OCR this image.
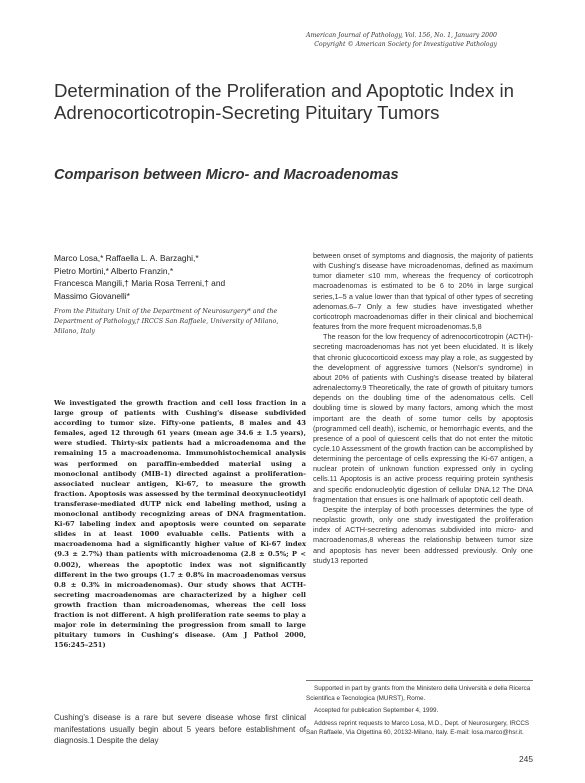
American Journal of Pathology, Vol. 156, No. 1, January 2000
Copyright © American Society for Investigative Pathology
Determination of the Proliferation and Apoptotic Index in Adrenocorticotropin-Secreting Pituitary Tumors
Comparison between Micro- and Macroadenomas
Marco Losa,* Raffaella L. A. Barzaghi,*
Pietro Mortini,* Alberto Franzin,*
Francesca Mangili,† Maria Rosa Terreni,† and
Massimo Giovanelli*
From the Pituitary Unit of the Department of Neurosurgery* and the Department of Pathology,† IRCCS San Raffaele, University of Milano, Milano, Italy

We investigated the growth fraction and cell loss fraction in a large group of patients with Cushing's disease subdivided according to tumor size. Fifty-one patients, 8 males and 43 females, aged 12 through 61 years (mean age 34.6 ± 1.5 years), were studied. Thirty-six patients had a microadenoma and the remaining 15 a macroadenoma. Immunohistochemical analysis was performed on paraffin-embedded material using a monoclonal antibody (MIB-1) directed against a proliferation-associated nuclear antigen, Ki-67, to measure the growth fraction. Apoptosis was assessed by the terminal deoxynucleotidyl transferase-mediated dUTP nick end labeling method, using a monoclonal antibody recognizing areas of DNA fragmentation. Ki-67 labeling index and apoptosis were counted on separate slides in at least 1000 evaluable cells. Patients with a macroadenoma had a significantly higher value of Ki-67 index (9.3 ± 2.7%) than patients with microadenoma (2.8 ± 0.5%; P < 0.002), whereas the apoptotic index was not significantly different in the two groups (1.7 ± 0.8% in macroadenomas versus 0.8 ± 0.3% in microadenomas). Our study shows that ACTH-secreting macroadenomas are characterized by a higher cell growth fraction than microadenomas, whereas the cell loss fraction is not different. A high proliferation rate seems to play a major role in determining the progression from small to large pituitary tumors in Cushing's disease. (Am J Pathol 2000, 156:245–251)

Cushing's disease is a rare but severe disease whose first clinical manifestations usually begin about 5 years before establishment of diagnosis.1 Despite the delay

between onset of symptoms and diagnosis, the majority of patients with Cushing's disease have microadenomas, defined as maximum tumor diameter ≤10 mm, whereas the frequency of corticotroph macroadenomas is estimated to be 6 to 20% in large surgical series,1–5 a value lower than that typical of other types of secreting adenomas.6–7 Only a few studies have investigated whether corticotroph macroadenomas differ in their clinical and biochemical features from the more frequent microadenomas.5,8

The reason for the low frequency of adrenocorticotropin (ACTH)-secreting macroadenomas has not yet been elucidated. It is likely that chronic glucocorticoid excess may play a role, as suggested by the development of aggressive tumors (Nelson's syndrome) in about 20% of patients with Cushing's disease treated by bilateral adrenalectomy.9 Theoretically, the rate of growth of pituitary tumors depends on the doubling time of the adenomatous cells. Cell doubling time is slowed by many factors, among which the most important are the death of some tumor cells by apoptosis (programmed cell death), ischemic, or hemorrhagic events, and the presence of a pool of quiescent cells that do not enter the mitotic cycle.10 Assessment of the growth fraction can be accomplished by determining the percentage of cells expressing the Ki-67 antigen, a nuclear protein of unknown function expressed only in cycling cells.11 Apoptosis is an active process requiring protein synthesis and specific endonucleolytic digestion of cellular DNA.12 The DNA fragmentation that ensues is one hallmark of apoptotic cell death.

Despite the interplay of both processes determines the type of neoplastic growth, only one study investigated the proliferation index of ACTH-secreting adenomas subdivided into micro- and macroadenomas,8 whereas the relationship between tumor size and apoptosis has never been addressed previously. Only one study13 reported

Supported in part by grants from the Ministero della Università e della Ricerca Scientifica e Tecnologica (MURST), Rome.

Accepted for publication September 4, 1999.

Address reprint requests to Marco Losa, M.D., Dept. of Neurosurgery, IRCCS San Raffaele, Via Olgettina 60, 20132-Milano, Italy. E-mail: losa.marco@hsr.it.

245
